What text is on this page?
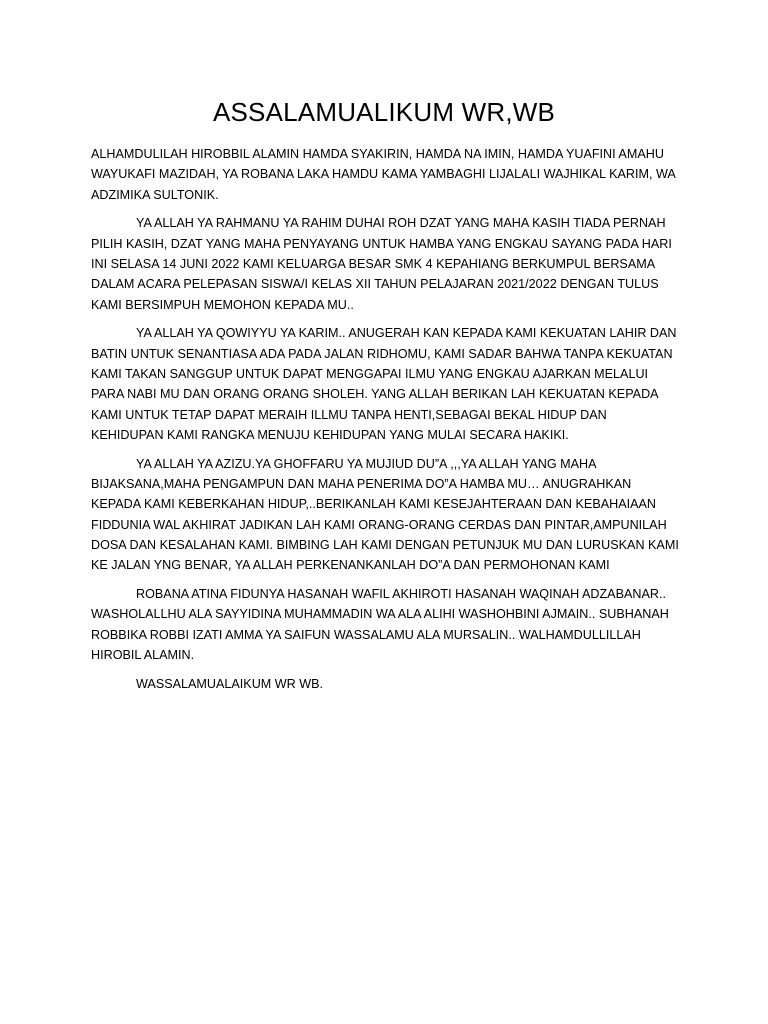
ASSALAMUALIKUM WR,WB

ALHAMDULILAH HIROBBIL ALAMIN HAMDA SYAKIRIN, HAMDA NA IMIN, HAMDA YUAFINI AMAHU WAYUKAFI MAZIDAH, YA ROBANA LAKA HAMDU KAMA YAMBAGHI LIJALALI WAJHIKAL KARIM, WA ADZIMIKA SULTONIK.

YA ALLAH YA RAHMANU YA RAHIM DUHAI ROH DZAT YANG MAHA KASIH TIADA PERNAH PILIH KASIH, DZAT YANG MAHA PENYAYANG UNTUK HAMBA YANG ENGKAU SAYANG PADA HARI INI SELASA 14 JUNI 2022 KAMI KELUARGA BESAR SMK 4 KEPAHIANG BERKUMPUL BERSAMA DALAM ACARA PELEPASAN SISWA/I KELAS XII TAHUN PELAJARAN 2021/2022 DENGAN TULUS KAMI BERSIMPUH MEMOHON KEPADA MU..

YA ALLAH YA QOWIYYU YA KARIM.. ANUGERAH KAN KEPADA KAMI KEKUATAN LAHIR DAN BATIN UNTUK SENANTIASA ADA PADA JALAN RIDHOMU, KAMI SADAR BAHWA TANPA KEKUATAN KAMI TAKAN SANGGUP UNTUK DAPAT MENGGAPAI ILMU YANG ENGKAU AJARKAN MELALUI PARA NABI MU DAN ORANG ORANG SHOLEH. YANG ALLAH BERIKAN LAH KEKUATAN KEPADA KAMI UNTUK TETAP DAPAT MERAIH ILLMU TANPA HENTI,SEBAGAI BEKAL HIDUP DAN KEHIDUPAN KAMI RANGKA MENUJU KEHIDUPAN YANG MULAI SECARA HAKIKI.

YA ALLAH YA AZIZU.YA GHOFFARU YA MUJIUD DU”A ,,,YA ALLAH YANG MAHA BIJAKSANA,MAHA PENGAMPUN DAN MAHA PENERIMA DO”A HAMBA MU… ANUGRAHKAN KEPADA KAMI KEBERKAHAN HIDUP,..BERIKANLAH KAMI KESEJAHTERAAN DAN KEBAHAIAAN FIDDUNIA WAL AKHIRAT JADIKAN LAH KAMI ORANG-ORANG CERDAS DAN PINTAR,AMPUNILAH DOSA DAN KESALAHAN KAMI. BIMBING LAH KAMI DENGAN PETUNJUK MU DAN LURUSKAN KAMI KE JALAN YNG BENAR, YA ALLAH PERKENANKANLAH DO”A DAN PERMOHONAN KAMI

ROBANA ATINA FIDUNYA HASANAH WAFIL AKHIROTI HASANAH WAQINAH ADZABANAR.. WASHOLALLHU ALA SAYYIDINA MUHAMMADIN WA ALA ALIHI WASHOHBINI AJMAIN.. SUBHANAH ROBBIKA ROBBI IZATI AMMA YA SAIFUN WASSALAMU ALA MURSALIN.. WALHAMDULLILLAH HIROBIL ALAMIN.

WASSALAMUALAIKUM WR WB.
